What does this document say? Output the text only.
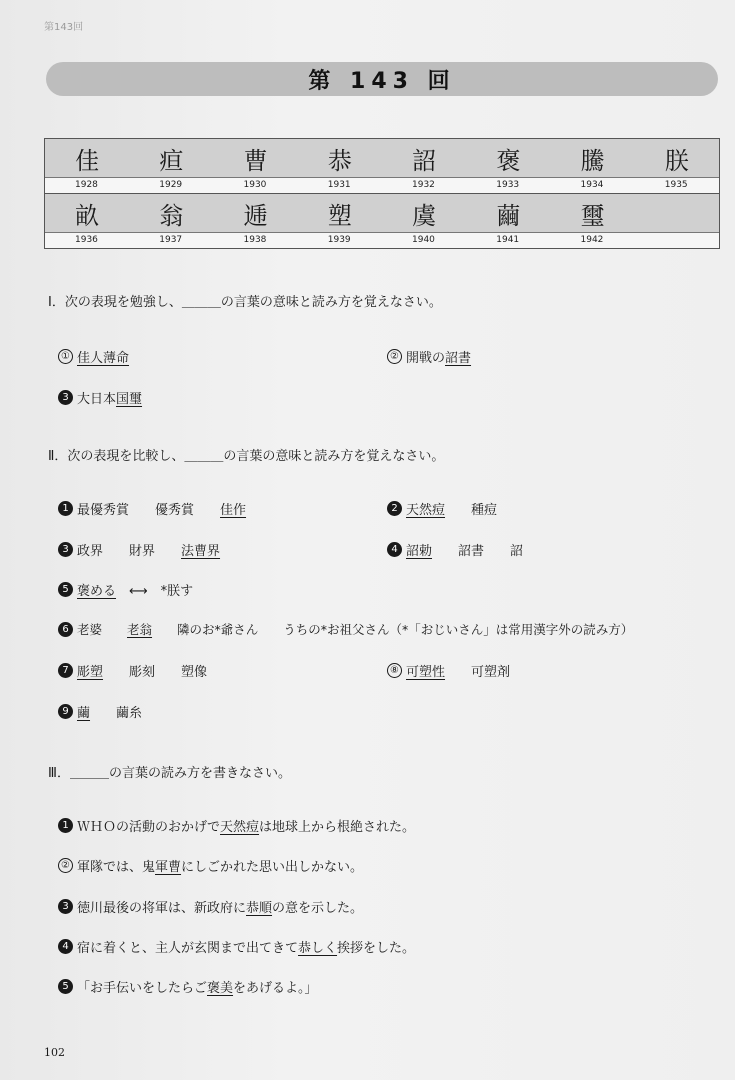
第143回
第 143 回
佳	疸	曹	恭	詔	褒	騰	朕
1928	1929	1930	1931	1932	1933	1934	1935
畝	翁	逓	塑	虞	繭	璽
1936	1937	1938	1939	1940	1941	1942
Ⅰ．次の表現を勉強し、＿＿＿の言葉の意味と読み方を覚えなさい。
① 佳人薄命	② 開戦の 詔書
3 大日本 国璽
Ⅱ．次の表現を比較し、＿＿＿の言葉の意味と読み方を覚えなさい。
1 最優秀賞　　優秀賞　　 佳作	2 天然痘 　　種痘
3 政界　　財界　　 法曹界	4 詔勅 　　詔書　　詔
5 褒める 　⟷　*朕す
6 老婆　　 老翁 　　隣のお*爺さん　　うちの*お祖父さん（*「おじいさん」は常用漢字外の読み方）
7 彫塑 　　彫刻　　塑像	⑧ 可塑性 　　可塑剤
9 繭 　　繭糸
Ⅲ．＿＿＿の言葉の読み方を書きなさい。
1 ＷＨＯの活動のおかげで 天然痘 は地球上から根絶された。
② 軍隊では、鬼 軍曹 にしごかれた思い出しかない。
3 徳川最後の将軍は、新政府に 恭順 の意を示した。
4 宿に着くと、主人が玄関まで出てきて 恭しく 挨拶をした。
5 「お手伝いをしたらご 褒美 をあげるよ。」
102
